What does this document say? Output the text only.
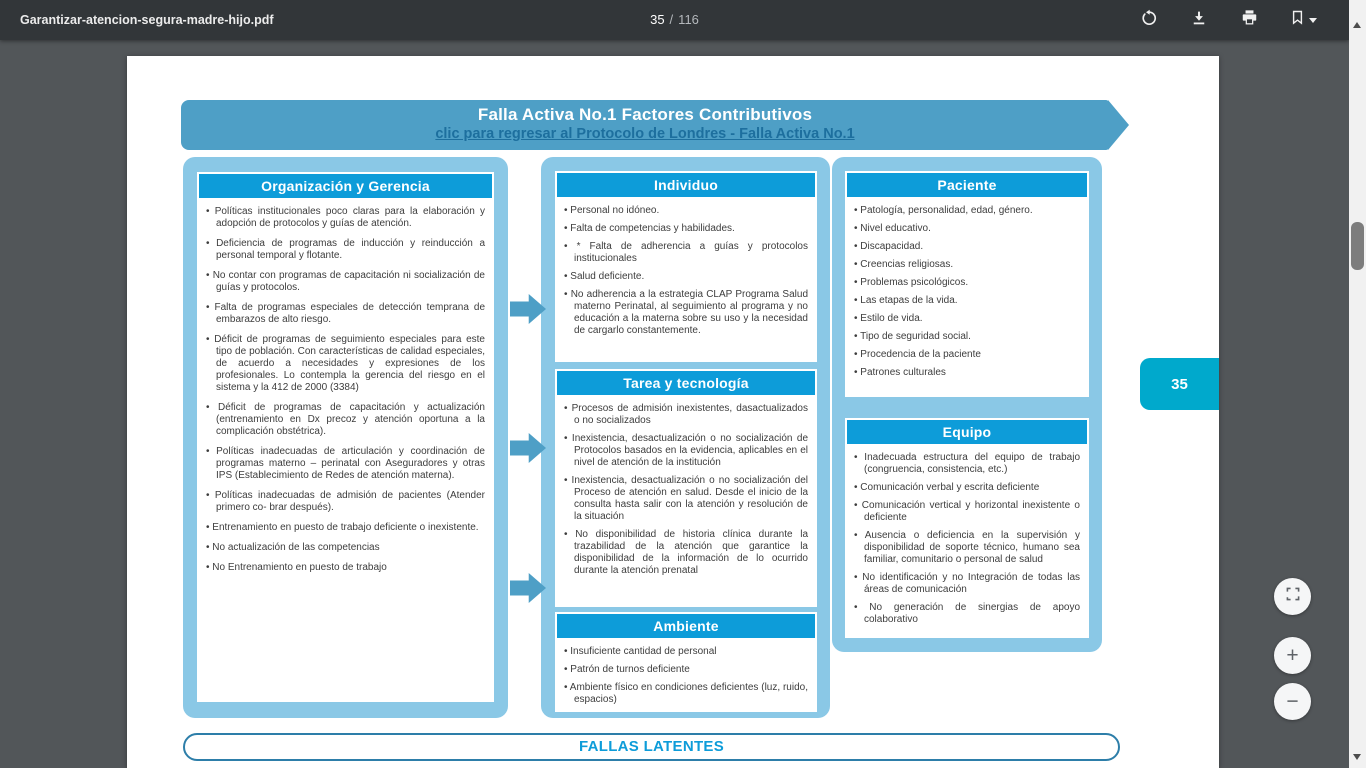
Garantizar-atencion-segura-madre-hijo.pdf	35 / 116
Falla Activa No.1 Factores Contributivos
clic para regresar al Protocolo de Londres - Falla Activa No.1
Organización y Gerencia
• Políticas institucionales poco claras para la elaboración y adopción de protocolos y guías de atención.
• Deficiencia de programas de inducción y reinducción a personal temporal y flotante.
• No contar con programas de capacitación ni socialización de guías y protocolos.
• Falta de programas especiales de detección temprana de embarazos de alto riesgo.
• Déficit de programas de seguimiento especiales para este tipo de población. Con características de calidad especiales, de acuerdo a necesidades y expresiones de los profesionales. Lo contempla la gerencia del riesgo en el sistema y la 412 de 2000 (3384)
• Déficit de programas de capacitación y actualización (entrenamiento en Dx precoz y atención oportuna a la complicación obstétrica).
• Políticas inadecuadas de articulación y coordinación de programas materno – perinatal con Aseguradores y otras IPS (Establecimiento de Redes de atención materna).
• Políticas inadecuadas de admisión de pacientes (Atender primero co- brar después).
• Entrenamiento en puesto de trabajo deficiente o inexistente.
• No actualización de las competencias
• No Entrenamiento en puesto de trabajo
Individuo
• Personal no idóneo.
• Falta de competencias y habilidades.
• * Falta de adherencia a guías y protocolos institucionales
• Salud deficiente.
• No adherencia a la estrategia CLAP Programa Salud materno Perinatal, al seguimiento al programa y no educación a la materna sobre su uso y la necesidad de cargarlo constantemente.
Tarea y tecnología
• Procesos de admisión inexistentes, dasactualizados o no socializados
• Inexistencia, desactualización o no socialización de Protocolos basados en la evidencia, aplicables en el nivel de atención de la institución
• Inexistencia, desactualización o no socialización del Proceso de atención en salud. Desde el inicio de la consulta hasta salir con la atención y resolución de la situación
• No disponibilidad de historia clínica durante la trazabilidad de la atención que garantice la disponibilidad de la información de lo ocurrido durante la atención prenatal
Ambiente
• Insuficiente cantidad de personal
• Patrón de turnos deficiente
• Ambiente físico en condiciones deficientes (luz, ruido, espacios)
Paciente
• Patología, personalidad, edad, género.
• Nivel educativo.
• Discapacidad.
• Creencias religiosas.
• Problemas psicológicos.
• Las etapas de la vida.
• Estilo de vida.
• Tipo de seguridad social.
• Procedencia de la paciente
• Patrones culturales
Equipo
• Inadecuada estructura del equipo de trabajo (congruencia, consistencia, etc.)
• Comunicación verbal y escrita deficiente
• Comunicación vertical y horizontal inexistente o deficiente
• Ausencia o deficiencia en la supervisión y disponibilidad de soporte técnico, humano sea familiar, comunitario o personal de salud
• No identificación y no Integración de todas las áreas de comunicación
• No generación de sinergias de apoyo colaborativo
FALLAS LATENTES
35
+
−
